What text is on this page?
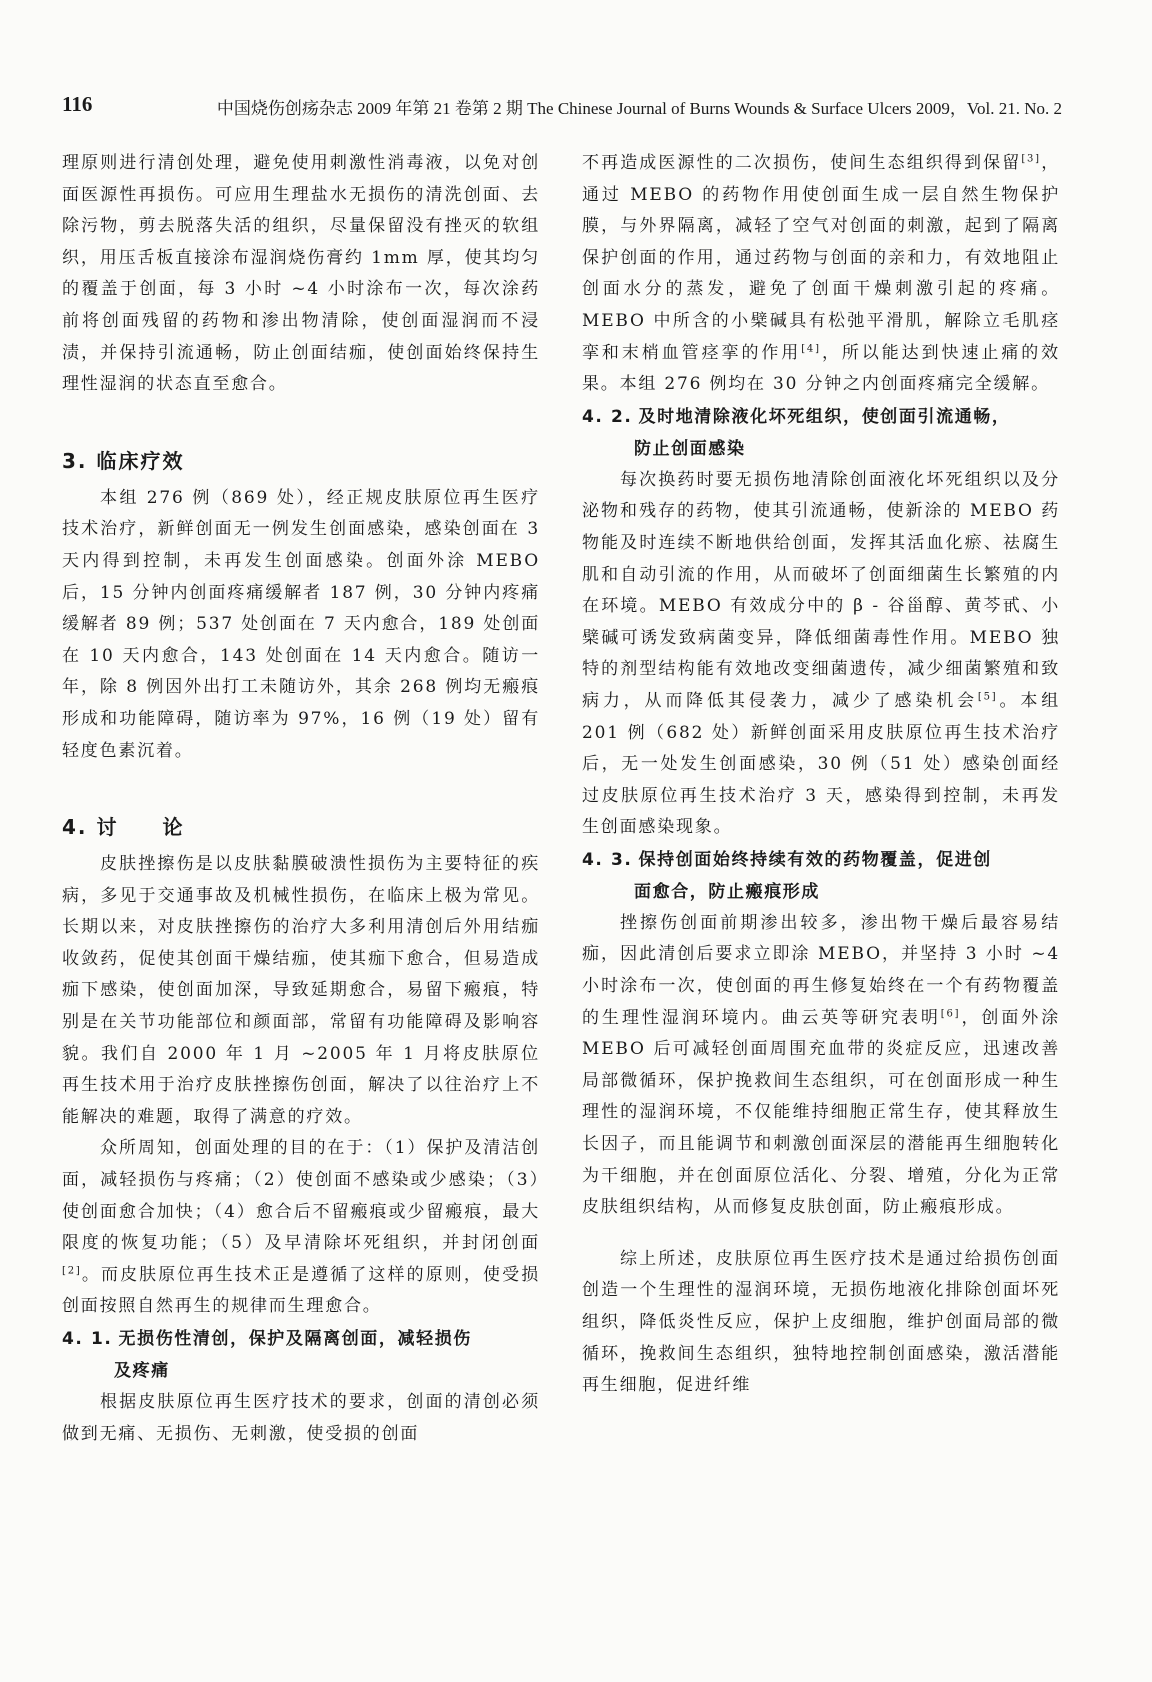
116	中国烧伤创疡杂志 2009 年第 21 卷第 2 期 The Chinese Journal of Burns Wounds & Surface Ulcers 2009，Vol. 21. No. 2

理原则进行清创处理，避免使用刺激性消毒液，以免对创面医源性再损伤。可应用生理盐水无损伤的清洗创面、去除污物，剪去脱落失活的组织，尽量保留没有挫灭的软组织，用压舌板直接涂布湿润烧伤膏约 1mm 厚，使其均匀的覆盖于创面，每 3 小时 ~4 小时涂布一次，每次涂药前将创面残留的药物和渗出物清除，使创面湿润而不浸渍，并保持引流通畅，防止创面结痂，使创面始终保持生理性湿润的状态直至愈合。

3. 临床疗效

本组 276 例（869 处），经正规皮肤原位再生医疗技术治疗，新鲜创面无一例发生创面感染，感染创面在 3 天内得到控制，未再发生创面感染。创面外涂 MEBO 后，15 分钟内创面疼痛缓解者 187 例，30 分钟内疼痛缓解者 89 例；537 处创面在 7 天内愈合，189 处创面在 10 天内愈合，143 处创面在 14 天内愈合。随访一年，除 8 例因外出打工未随访外，其余 268 例均无瘢痕形成和功能障碍，随访率为 97%，16 例（19 处）留有轻度色素沉着。

4. 讨　　论

皮肤挫擦伤是以皮肤黏膜破溃性损伤为主要特征的疾病，多见于交通事故及机械性损伤，在临床上极为常见。长期以来，对皮肤挫擦伤的治疗大多利用清创后外用结痂收敛药，促使其创面干燥结痂，使其痂下愈合，但易造成痂下感染，使创面加深，导致延期愈合，易留下瘢痕，特别是在关节功能部位和颜面部，常留有功能障碍及影响容貌。我们自 2000 年 1 月 ~2005 年 1 月将皮肤原位再生技术用于治疗皮肤挫擦伤创面，解决了以往治疗上不能解决的难题，取得了满意的疗效。

众所周知，创面处理的目的在于：（1）保护及清洁创面，减轻损伤与疼痛；（2）使创面不感染或少感染；（3）使创面愈合加快；（4）愈合后不留瘢痕或少留瘢痕，最大限度的恢复功能；（5）及早清除坏死组织，并封闭创面[2]。而皮肤原位再生技术正是遵循了这样的原则，使受损创面按照自然再生的规律而生理愈合。

4. 1. 无损伤性清创，保护及隔离创面，减轻损伤
及疼痛

根据皮肤原位再生医疗技术的要求，创面的清创必须做到无痛、无损伤、无刺激，使受损的创面

不再造成医源性的二次损伤，使间生态组织得到保留[3]，通过 MEBO 的药物作用使创面生成一层自然生物保护膜，与外界隔离，减轻了空气对创面的刺激，起到了隔离保护创面的作用，通过药物与创面的亲和力，有效地阻止创面水分的蒸发，避免了创面干燥刺激引起的疼痛。MEBO 中所含的小檗碱具有松弛平滑肌，解除立毛肌痉挛和末梢血管痉挛的作用[4]，所以能达到快速止痛的效果。本组 276 例均在 30 分钟之内创面疼痛完全缓解。

4. 2. 及时地清除液化坏死组织，使创面引流通畅，
防止创面感染

每次换药时要无损伤地清除创面液化坏死组织以及分泌物和残存的药物，使其引流通畅，使新涂的 MEBO 药物能及时连续不断地供给创面，发挥其活血化瘀、祛腐生肌和自动引流的作用，从而破坏了创面细菌生长繁殖的内在环境。MEBO 有效成分中的 β - 谷甾醇、黄芩甙、小檗碱可诱发致病菌变异，降低细菌毒性作用。MEBO 独特的剂型结构能有效地改变细菌遗传，减少细菌繁殖和致病力，从而降低其侵袭力，减少了感染机会[5]。本组 201 例（682 处）新鲜创面采用皮肤原位再生技术治疗后，无一处发生创面感染，30 例（51 处）感染创面经过皮肤原位再生技术治疗 3 天，感染得到控制，未再发生创面感染现象。

4. 3. 保持创面始终持续有效的药物覆盖，促进创
面愈合，防止瘢痕形成

挫擦伤创面前期渗出较多，渗出物干燥后最容易结痂，因此清创后要求立即涂 MEBO，并坚持 3 小时 ~4 小时涂布一次，使创面的再生修复始终在一个有药物覆盖的生理性湿润环境内。曲云英等研究表明[6]，创面外涂 MEBO 后可减轻创面周围充血带的炎症反应，迅速改善局部微循环，保护挽救间生态组织，可在创面形成一种生理性的湿润环境，不仅能维持细胞正常生存，使其释放生长因子，而且能调节和刺激创面深层的潜能再生细胞转化为干细胞，并在创面原位活化、分裂、增殖，分化为正常皮肤组织结构，从而修复皮肤创面，防止瘢痕形成。

综上所述，皮肤原位再生医疗技术是通过给损伤创面创造一个生理性的湿润环境，无损伤地液化排除创面坏死组织，降低炎性反应，保护上皮细胞，维护创面局部的微循环，挽救间生态组织，独特地控制创面感染，激活潜能再生细胞，促进纤维
